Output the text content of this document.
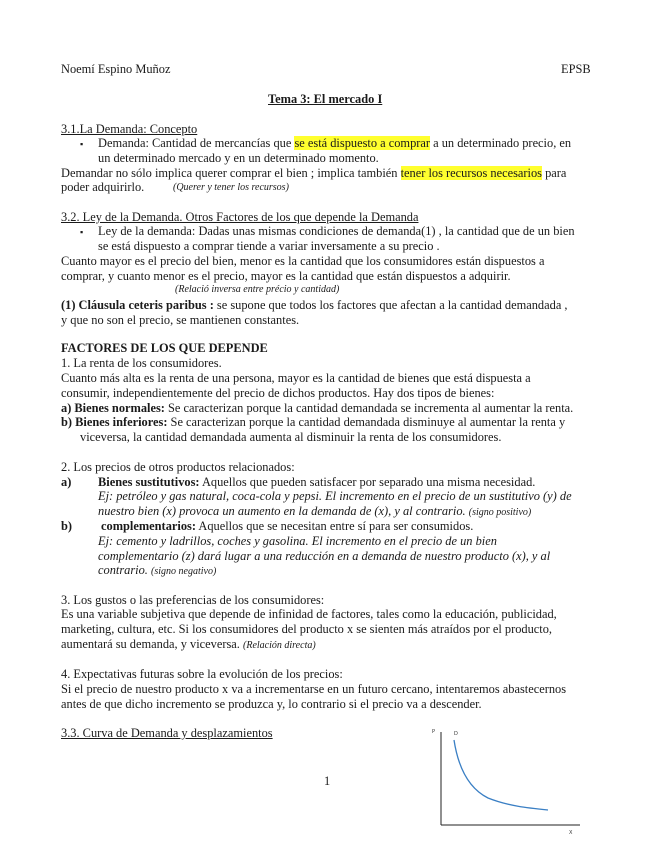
Noemí Espino Muñoz	EPSB
Tema 3: El mercado I
3.1.La Demanda: Concepto
▪ Demanda: Cantidad de mercancías que se está dispuesto a comprar a un determinado precio, en
un determinado mercado y en un determinado momento.
Demandar no sólo implica querer comprar el bien ; implica también tener los recursos necesarios para
poder adquirirlo.	(Querer y tener los recursos)
3.2. Ley de la Demanda. Otros Factores de los que depende la Demanda
▪ Ley de la demanda: Dadas unas mismas condiciones de demanda(1) , la cantidad que de un bien
se está dispuesto a comprar tiende a variar inversamente a su precio .
Cuanto mayor es el precio del bien, menor es la cantidad que los consumidores están dispuestos a
comprar, y cuanto menor es el precio, mayor es la cantidad que están dispuestos a adquirir.
(Relació inversa entre précio y cantidad)
(1) Cláusula ceteris paribus : se supone que todos los factores que afectan a la cantidad demandada ,
y que no son el precio, se mantienen constantes.
FACTORES DE LOS QUE DEPENDE
1. La renta de los consumidores.
Cuanto más alta es la renta de una persona, mayor es la cantidad de bienes que está dispuesta a
consumir, independientemente del precio de dichos productos. Hay dos tipos de bienes:
a) Bienes normales: Se caracterizan porque la cantidad demandada se incrementa al aumentar la renta.
b) Bienes inferiores: Se caracterizan porque la cantidad demandada disminuye al aumentar la renta y
viceversa, la cantidad demandada aumenta al disminuir la renta de los consumidores.
2. Los precios de otros productos relacionados:
a) Bienes sustitutivos: Aquellos que pueden satisfacer por separado una misma necesidad.
Ej: petróleo y gas natural, coca-cola y pepsi. El incremento en el precio de un sustitutivo (y) de
nuestro bien (x) provoca un aumento en la demanda de (x), y al contrario. (signo positivo)
b) complementarios: Aquellos que se necesitan entre sí para ser consumidos.
Ej: cemento y ladrillos, coches y gasolina. El incremento en el precio de un bien
complementario (z) dará lugar a una reducción en a demanda de nuestro producto (x), y al
contrario. (signo negativo)
3. Los gustos o las preferencias de los consumidores:
Es una variable subjetiva que depende de infinidad de factores, tales como la educación, publicidad,
marketing, cultura, etc. Si los consumidores del producto x se sienten más atraídos por el producto,
aumentará su demanda, y viceversa. (Relación directa)
4. Expectativas futuras sobre la evolución de los precios:
Si el precio de nuestro producto x va a incrementarse en un futuro cercano, intentaremos abastecernos
antes de que dicho incremento se produzca y, lo contrario si el precio va a descender.
3.3. Curva de Demanda y desplazamientos
1
P	D
X
